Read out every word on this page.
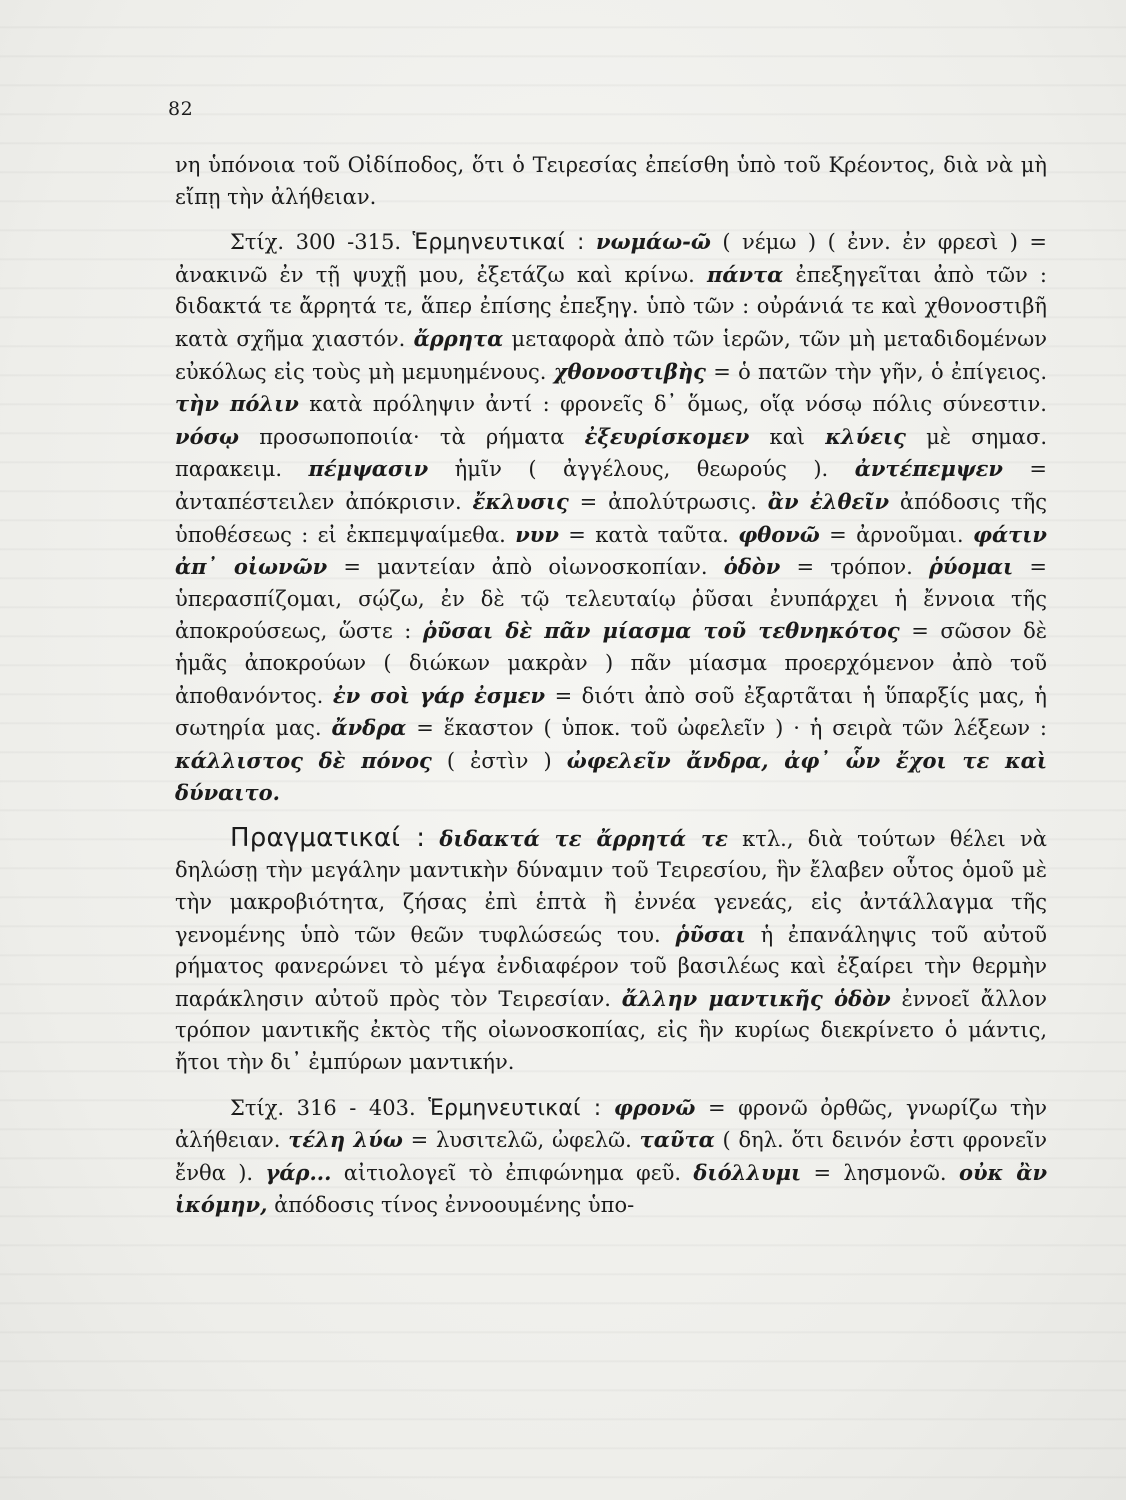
82

νη ὑπόνοια τοῦ Οἰδίποδος, ὅτι ὁ Τειρεσίας ἐπείσθη ὑπὸ τοῦ Κρέοντος, διὰ νὰ μὴ εἴπῃ τὴν ἀλήθειαν.

Στίχ. 300 -315. Ἑρμηνευτικαί : νωμάω-ῶ ( νέμω ) ( ἐνν. ἐν φρεσὶ ) = ἀνακινῶ ἐν τῇ ψυχῇ μου, ἐξετάζω καὶ κρίνω. πάντα ἐπεξηγεῖται ἀπὸ τῶν : διδακτά τε ἄρρητά τε, ἅπερ ἐπίσης ἐπεξηγ. ὑπὸ τῶν : οὐράνιά τε καὶ χθονοστιβῆ κατὰ σχῆμα χιαστόν. ἄρρητα μεταφορὰ ἀπὸ τῶν ἱερῶν, τῶν μὴ μεταδιδομένων εὐκόλως εἰς τοὺς μὴ μεμυημένους. χθονοστιβὴς = ὁ πατῶν τὴν γῆν, ὁ ἐπίγειος. τὴν πόλιν κατὰ πρόληψιν ἀντί : φρονεῖς δ᾽ ὅμως, οἵᾳ νόσῳ πόλις σύνεστιν. νόσῳ προσωποποιία· τὰ ρήματα ἐξευρίσκομεν καὶ κλύεις μὲ σημασ. παρακειμ. πέμψασιν ἡμῖν ( ἀγγέλους, θεωρούς ). ἀντέπεμψεν = ἀνταπέστειλεν ἀπόκρισιν. ἔκλυσις = ἀπολύτρωσις. ἂν ἐλθεῖν ἀπόδοσις τῆς ὑποθέσεως : εἰ ἐκπεμψαίμεθα. νυν = κατὰ ταῦτα. φθονῶ = ἀρνοῦμαι. φάτιν ἀπ᾽ οἰωνῶν = μαντείαν ἀπὸ οἰωνοσκοπίαν. ὁδὸν = τρόπον. ῥύομαι = ὑπερασπίζομαι, σῴζω, ἐν δὲ τῷ τελευταίῳ ῥῦσαι ἐνυπάρχει ἡ ἔννοια τῆς ἀποκρούσεως, ὥστε : ῥῦσαι δὲ πᾶν μίασμα τοῦ τεθνηκότος = σῶσον δὲ ἡμᾶς ἀποκρούων ( διώκων μακρὰν ) πᾶν μίασμα προερχόμενον ἀπὸ τοῦ ἀποθανόντος. ἐν σοὶ γάρ ἐσμεν = διότι ἀπὸ σοῦ ἐξαρτᾶται ἡ ὕπαρξίς μας, ἡ σωτηρία μας. ἄνδρα = ἕκαστον ( ὑποκ. τοῦ ὠφελεῖν ) · ἡ σειρὰ τῶν λέξεων : κάλλιστος δὲ πόνος ( ἐστὶν ) ὠφελεῖν ἄνδρα, ἀφ᾽ ὧν ἔχοι τε καὶ δύναιτο.

Πραγματικαί : διδακτά τε ἄρρητά τε κτλ., διὰ τούτων θέλει νὰ δηλώσῃ τὴν μεγάλην μαντικὴν δύναμιν τοῦ Τειρεσίου, ἣν ἔλαβεν οὗτος ὁμοῦ μὲ τὴν μακροβιότητα, ζήσας ἐπὶ ἑπτὰ ἢ ἐννέα γενεάς, εἰς ἀντάλλαγμα τῆς γενομένης ὑπὸ τῶν θεῶν τυφλώσεώς του. ῥῦσαι ἡ ἐπανάληψις τοῦ αὐτοῦ ρήματος φανερώνει τὸ μέγα ἐνδιαφέρον τοῦ βασιλέως καὶ ἐξαίρει τὴν θερμὴν παράκλησιν αὐτοῦ πρὸς τὸν Τειρεσίαν. ἄλλην μαντικῆς ὁδὸν ἐννοεῖ ἄλλον τρόπον μαντικῆς ἐκτὸς τῆς οἰωνοσκοπίας, εἰς ἣν κυρίως διεκρίνετο ὁ μάντις, ἤτοι τὴν δι᾽ ἐμπύρων μαντικήν.

Στίχ. 316 - 403. Ἑρμηνευτικαί : φρονῶ = φρονῶ ὀρθῶς, γνωρίζω τὴν ἀλήθειαν. τέλη λύω = λυσιτελῶ, ὠφελῶ. ταῦτα ( δηλ. ὅτι δεινόν ἐστι φρονεῖν ἔνθα ). γάρ... αἰτιολογεῖ τὸ ἐπιφώνημα φεῦ. διόλλυμι = λησμονῶ. οὐκ ἂν ἱκόμην, ἀπόδοσις τίνος ἐννοουμένης ὑπο-
